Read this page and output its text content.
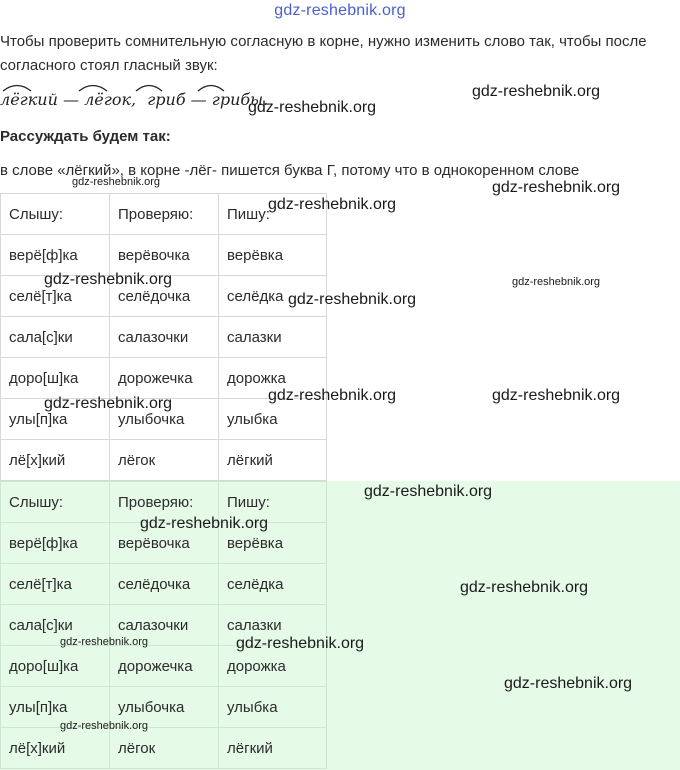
gdz-reshebnik.org
Чтобы проверить сомнительную согласную в корне, нужно изменить слово так, чтобы после согласного стоял гласный звук:
лёгкий — лёгок, гриб — грибы.
Рассуждать будем так:
в слове «лёгкий», в корне -лёг- пишется буква Г, потому что в однокоренном слове
Слышу:	Проверяю:	Пишу:
верё[ф]ка	верёвочка	верёвка
селё[т]ка	селёдочка	селёдка
сала[с]ки	салазочки	салазки
доро[ш]ка	дорожечка	дорожка
улы[п]ка	улыбочка	улыбка
лё[х]кий	лёгок	лёгкий
Слышу:	Проверяю:	Пишу:
верё[ф]ка	верёвочка	верёвка
селё[т]ка	селёдочка	селёдка
сала[с]ки	салазочки	салазки
доро[ш]ка	дорожечка	дорожка
улы[п]ка	улыбочка	улыбка
лё[х]кий	лёгок	лёгкий
gdz-reshebnik.org
gdz-reshebnik.org
gdz-reshebnik.org	gdz-reshebnik.org
gdz-reshebnik.org
gdz-reshebnik.org	gdz-reshebnik.org
gdz-reshebnik.org
gdz-reshebnik.org	gdz-reshebnik.org
gdz-reshebnik.org
gdz-reshebnik.org
gdz-reshebnik.org
gdz-reshebnik.org
gdz-reshebnik.org
gdz-reshebnik.org
gdz-reshebnik.org
gdz-reshebnik.org
